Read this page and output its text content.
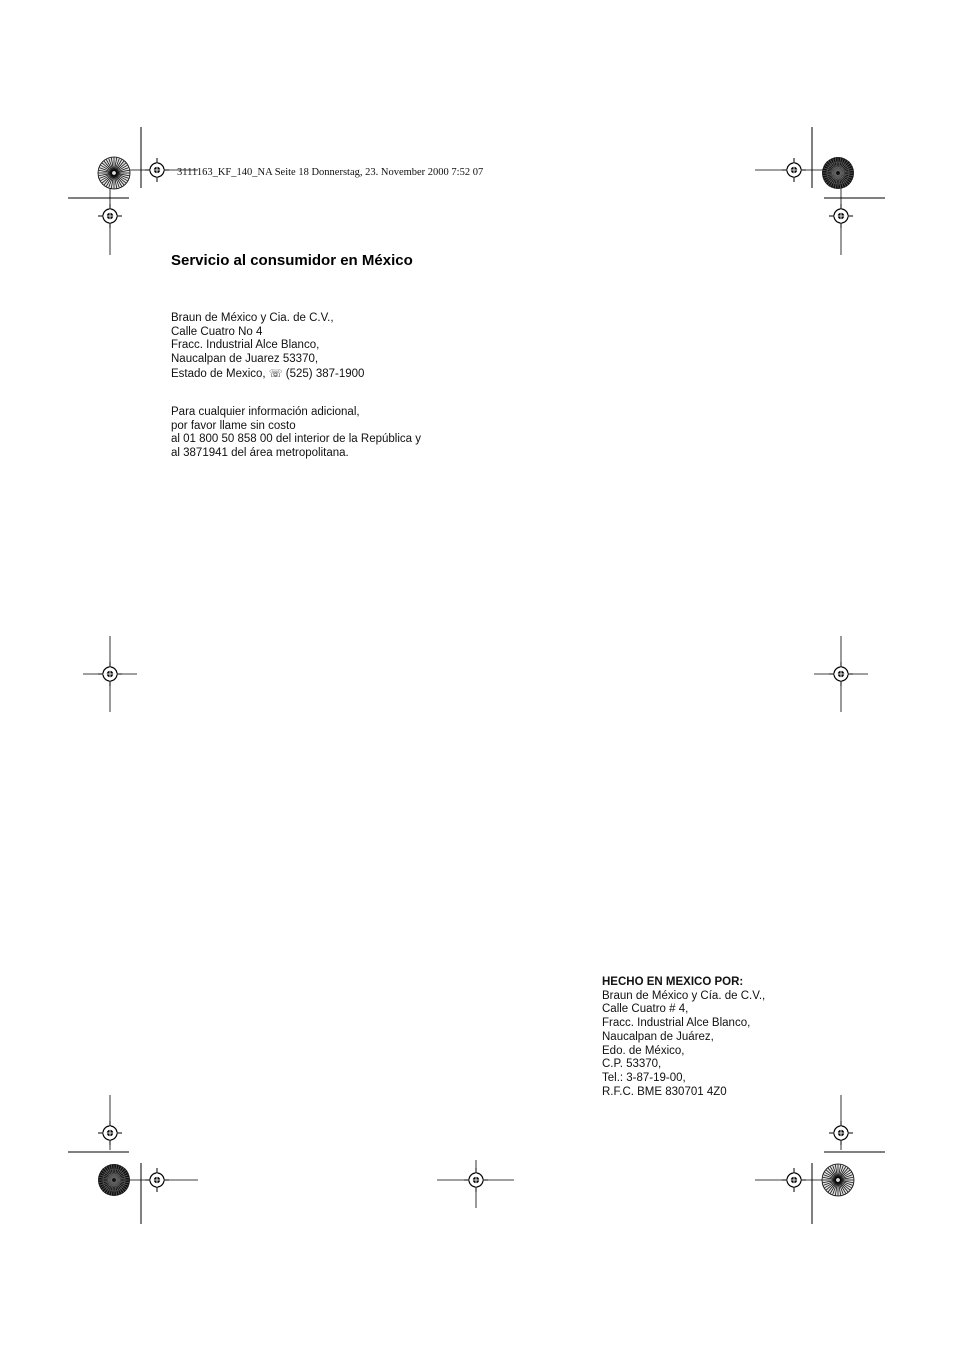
3111163_KF_140_NA Seite 18 Donnerstag, 23. November 2000 7:52 07
Servicio al consumidor en México
Braun de México y Cia. de C.V.,
Calle Cuatro No 4
Fracc. Industrial Alce Blanco,
Naucalpan de Juarez 53370,
Estado de Mexico, ☏ (525) 387-1900
Para cualquier información adicional,
por favor llame sin costo
al 01 800 50 858 00 del interior de la República y
al 3871941 del área metropolitana.
HECHO EN MEXICO POR:
Braun de México y Cía. de C.V.,
Calle Cuatro # 4,
Fracc. Industrial Alce Blanco,
Naucalpan de Juárez,
Edo. de México,
C.P. 53370,
Tel.: 3-87-19-00,
R.F.C. BME 830701 4Z0
